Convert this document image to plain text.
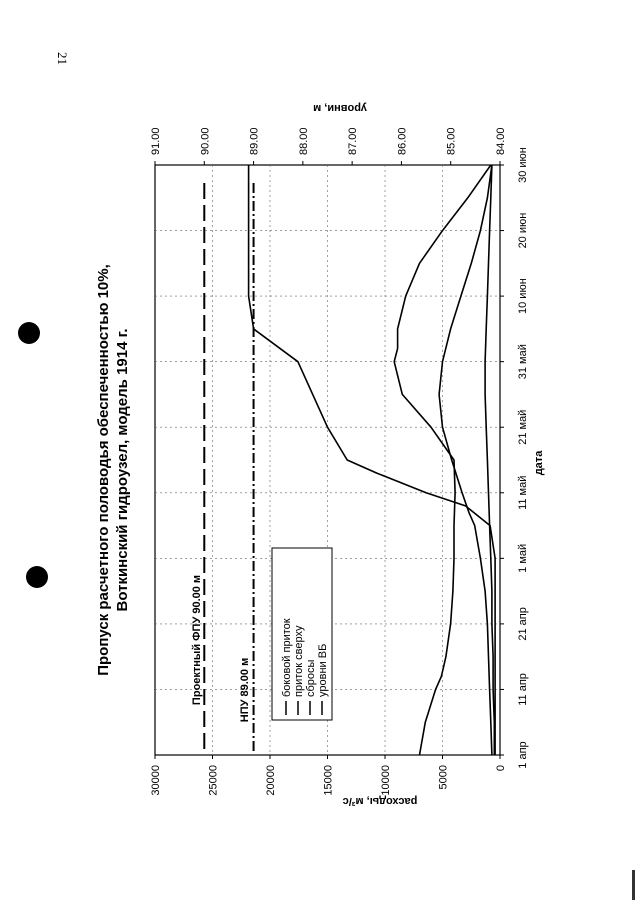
21
1 апр
11 апр
21 апр
1 май
11 май
21 май
31 май
10 июн
20 июн
30 июн
0
5000
10000
15000
20000
25000
30000
84.00
85.00
86.00
87.00
88.00
89.00
90.00
91.00
Пропуск расчетного половодья обеспеченностью 10%, Воткинский гидроузел, модель 1914 г.	дата
расходы, м³/с
уровни, м
Проектный ФПУ 90.00 м	НПУ 89.00 м	боковой приток приток сверху сбросы уровни ВБ
